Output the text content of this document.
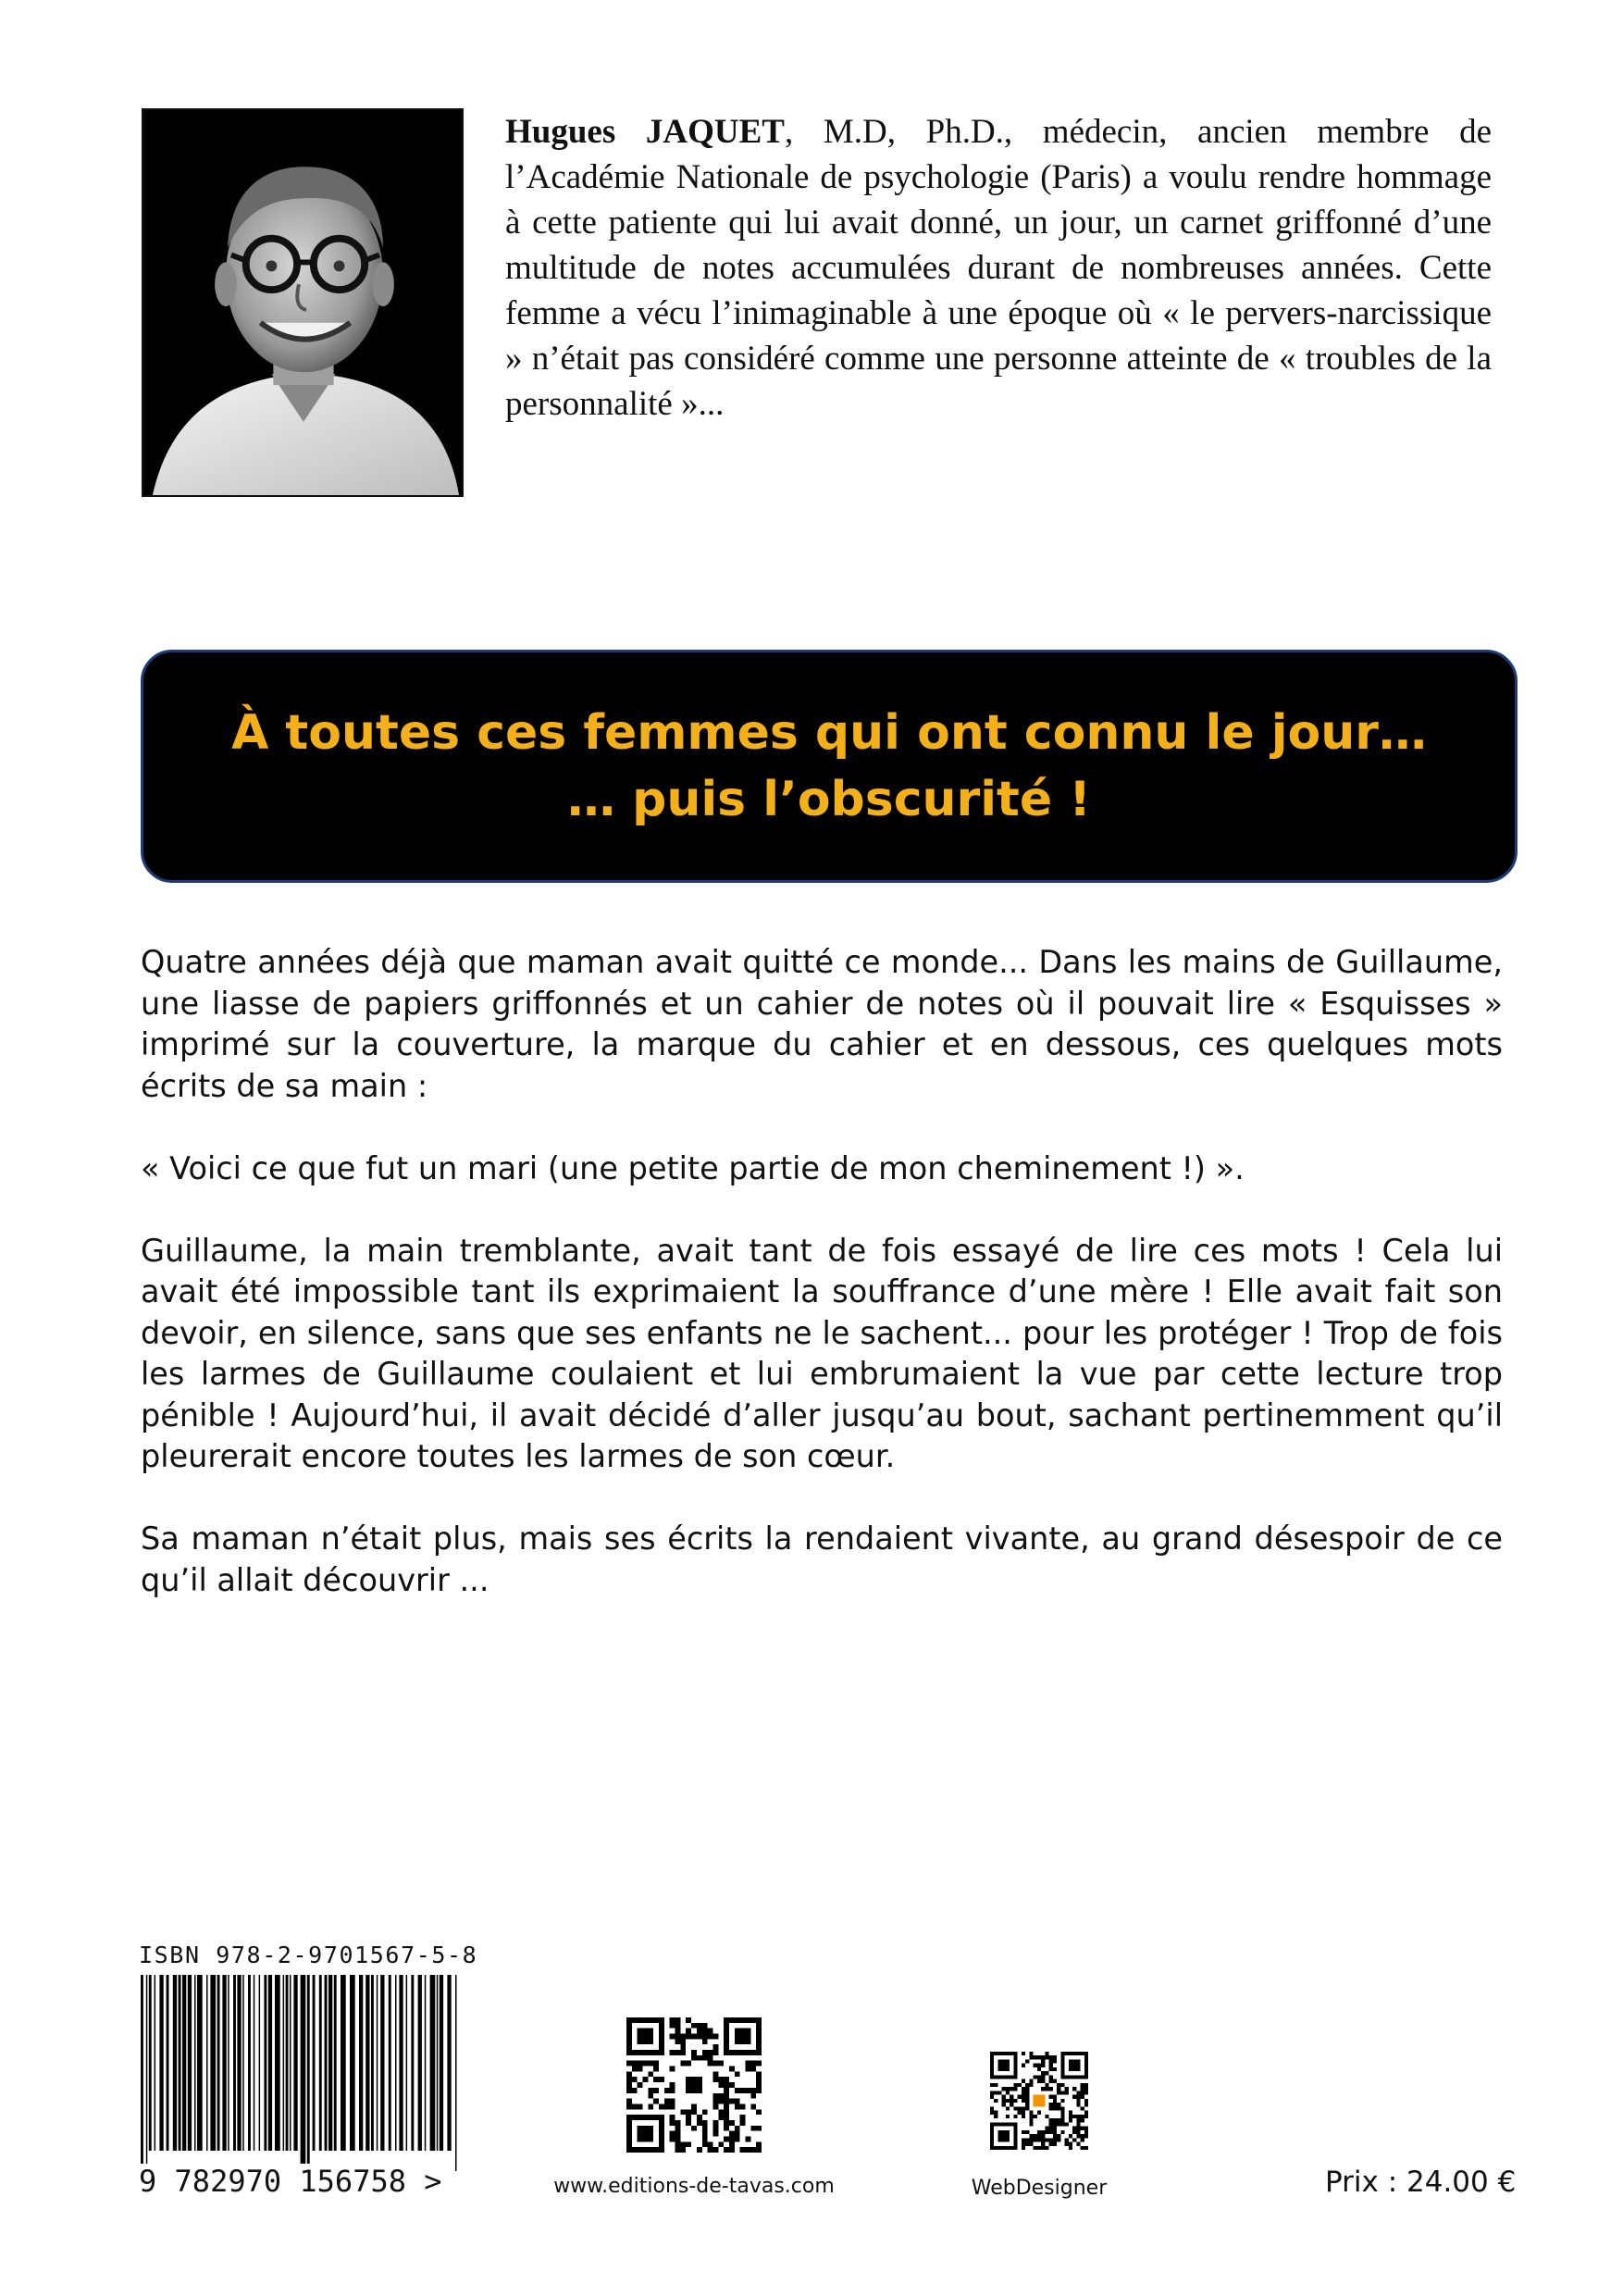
Hugues JAQUET, M.D, Ph.D., médecin, ancien membre de l’Académie Nationale de psychologie (Paris) a voulu rendre hommage à cette patiente qui lui avait donné, un jour, un carnet griffonné d’une multitude de notes accumulées durant de nombreuses années. Cette femme a vécu l’inimaginable à une époque où « le pervers-narcissique » n’était pas considéré comme une personne atteinte de « troubles de la personnalité »...
À toutes ces femmes qui ont connu le jour…
… puis l’obscurité !

Quatre années déjà que maman avait quitté ce monde... Dans les mains de Guillaume, une liasse de papiers griffonnés et un cahier de notes où il pouvait lire « Esquisses » imprimé sur la couverture, la marque du cahier et en dessous, ces quelques mots écrits de sa main :

« Voici ce que fut un mari (une petite partie de mon cheminement !) ».

Guillaume, la main tremblante, avait tant de fois essayé de lire ces mots ! Cela lui avait été impossible tant ils exprimaient la souffrance d’une mère ! Elle avait fait son devoir, en silence, sans que ses enfants ne le sachent... pour les protéger ! Trop de fois les larmes de Guillaume coulaient et lui embrumaient la vue par cette lecture trop pénible ! Aujourd’hui, il avait décidé d’aller jusqu’au bout, sachant pertinemment qu’il pleurerait encore toutes les larmes de son cœur.

Sa maman n’était plus, mais ses écrits la rendaient vivante, au grand désespoir de ce qu’il allait découvrir ...

ISBN 978-2-9701567-5-8
9 782970 156758 >	www.editions-de-tavas.com	WebDesigner	Prix : 24.00 €
